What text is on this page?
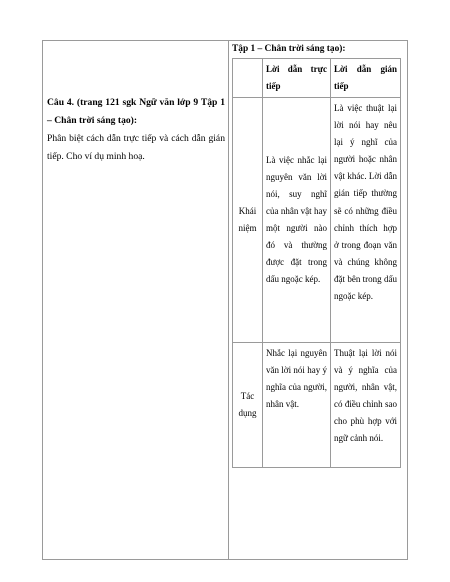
Câu 4. (trang 121 sgk Ngữ văn lớp 9 Tập 1 – Chân trời sáng tạo):
Phân biệt cách dẫn trực tiếp và cách dẫn gián tiếp. Cho ví dụ minh hoạ.
Tập 1 – Chân trời sáng tạo):
	Lời dẫn trực tiếp	Lời dẫn gián tiếp
Khái niệm	Là việc nhắc lại nguyên văn lời nói, suy nghĩ của nhân vật hay một người nào đó và thường được đặt trong dấu ngoặc kép.	Là việc thuật lại lời nói hay nêu lại ý nghĩ của người hoặc nhân vật khác. Lời dẫn gián tiếp thường sẽ có những điều chỉnh thích hợp ở trong đoạn văn và chúng không đặt bên trong dấu ngoặc kép.
Tác dụng	Nhắc lại nguyên văn lời nói hay ý nghĩa của người, nhân vật.	Thuật lại lời nói và ý nghĩa của người, nhân vật, có điều chỉnh sao cho phù hợp với ngữ cảnh nói.
